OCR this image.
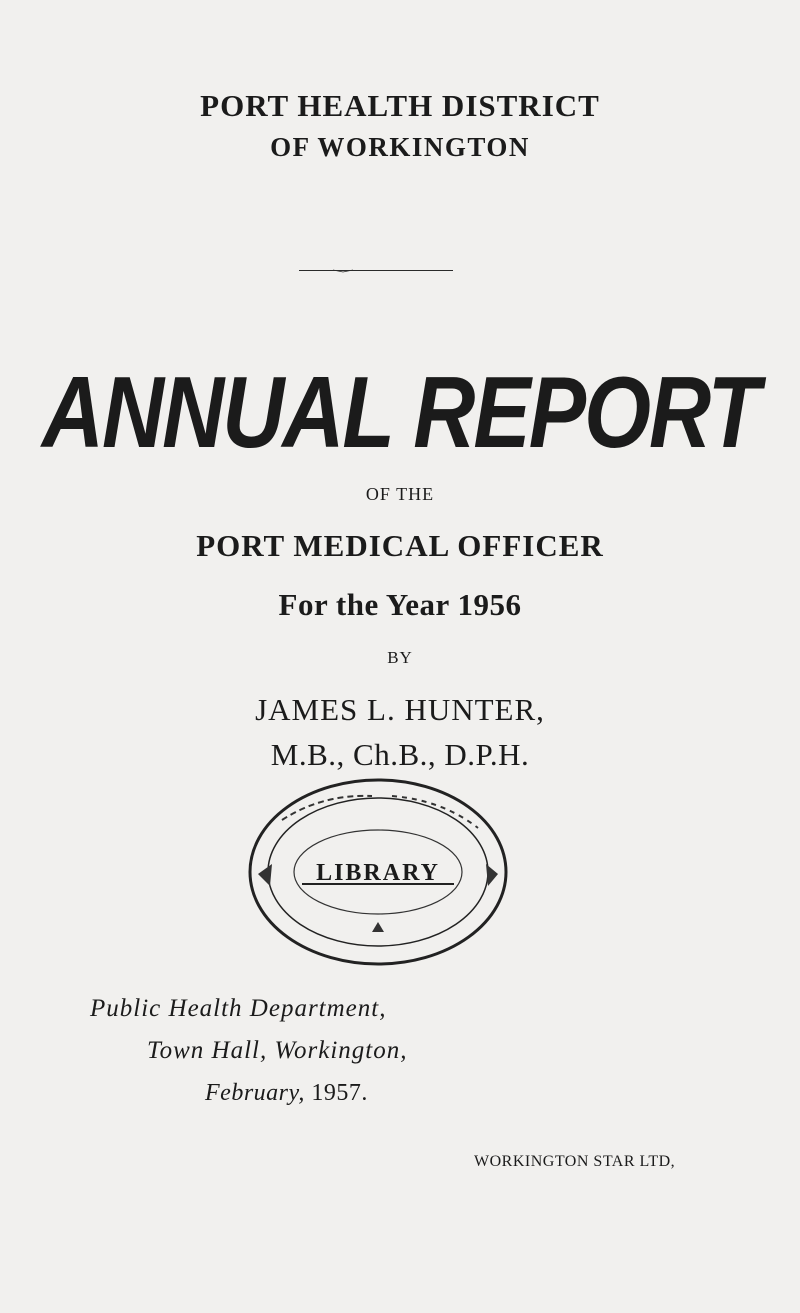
PORT HEALTH DISTRICT
OF WORKINGTON
ANNUAL REPORT
OF THE
PORT MEDICAL OFFICER
For the Year 1956
BY
JAMES L. HUNTER,
M.B., Ch.B., D.P.H.
LIBRARY
Public Health Department,
Town Hall, Workington,
February, 1957.
WORKINGTON STAR LTD,
